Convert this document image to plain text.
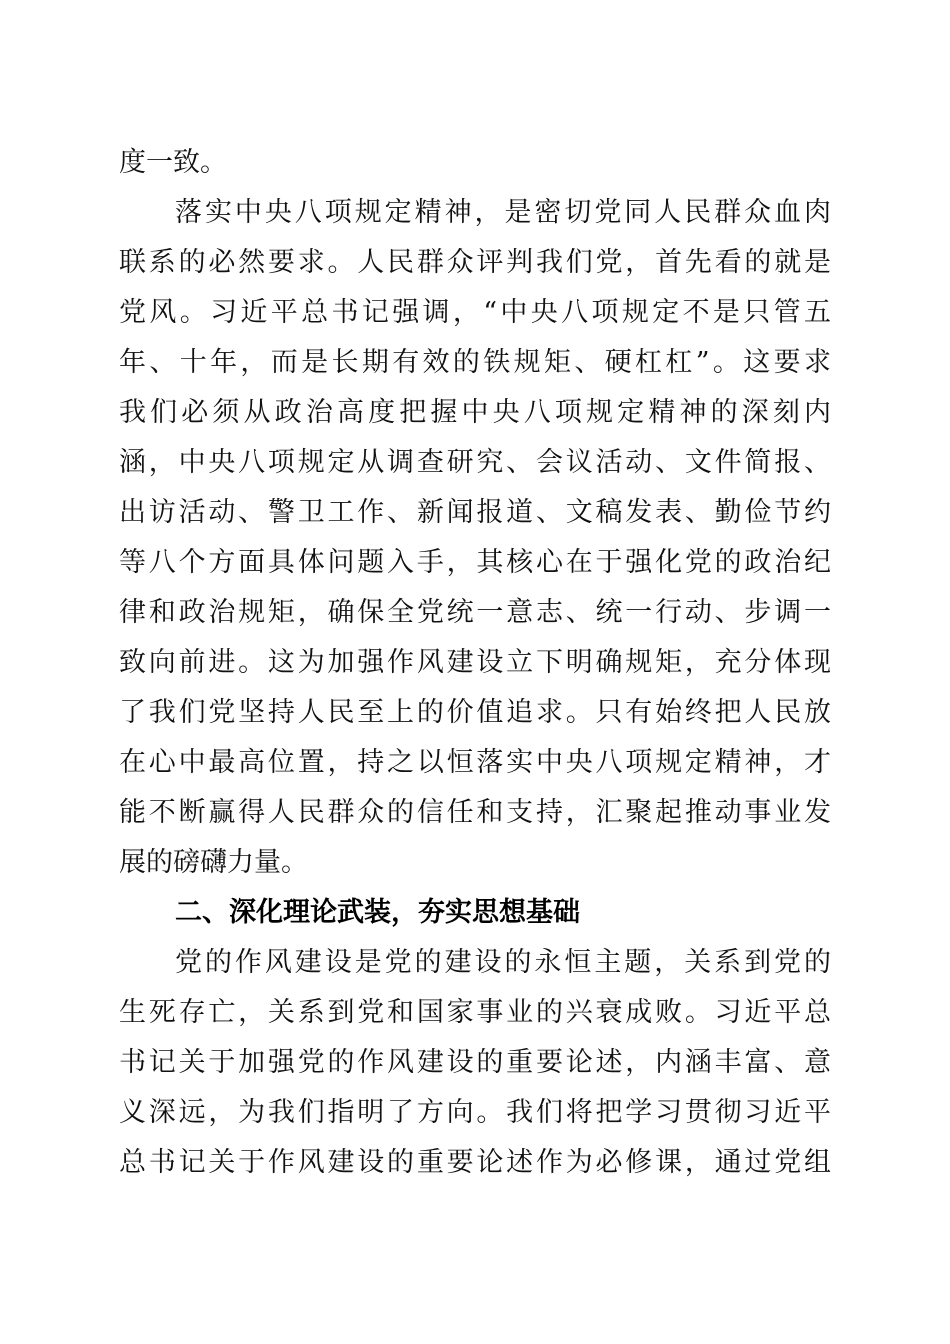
度一致。
落实中央八项规定精神，是密切党同人民群众血肉
联系的必然要求。人民群众评判我们党，首先看的就是
党风。习近平总书记强调，“中央八项规定不是只管五
年、十年，而是长期有效的铁规矩、硬杠杠”。这要求
我们必须从政治高度把握中央八项规定精神的深刻内
涵，中央八项规定从调查研究、会议活动、文件简报、
出访活动、警卫工作、新闻报道、文稿发表、勤俭节约
等八个方面具体问题入手，其核心在于强化党的政治纪
律和政治规矩，确保全党统一意志、统一行动、步调一
致向前进。这为加强作风建设立下明确规矩，充分体现
了我们党坚持人民至上的价值追求。只有始终把人民放
在心中最高位置，持之以恒落实中央八项规定精神，才
能不断赢得人民群众的信任和支持，汇聚起推动事业发
展的磅礴力量。
二、深化理论武装，夯实思想基础
党的作风建设是党的建设的永恒主题，关系到党的
生死存亡，关系到党和国家事业的兴衰成败。习近平总
书记关于加强党的作风建设的重要论述，内涵丰富、意
义深远，为我们指明了方向。我们将把学习贯彻习近平
总书记关于作风建设的重要论述作为必修课，通过党组
